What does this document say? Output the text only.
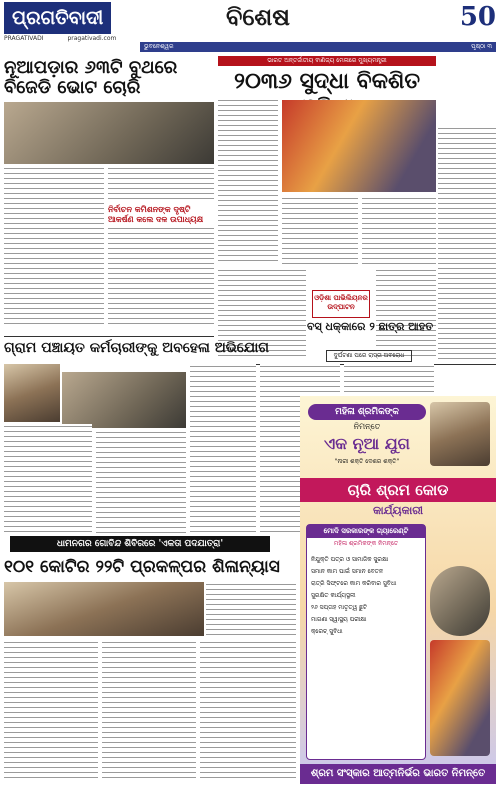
ପ୍ରଗତିବାଦୀ
PRAGATIVADI	pragativadi.com
ବିଶେଷ	50
ଭୁବନେଶ୍ୱର	ପୃଷ୍ଠା ୩
ନୂଆପଡ଼ାର ୬୩ଟି ବୁଥରେ ବିଜେଡି ଭୋଟ ଚୋରି
ନିର୍ବାଚନ କମିଶନଙ୍କ ଦୃଷ୍ଟି ଆକର୍ଷଣ କଲେ ଦଳ ଉପାଧ୍ୟକ୍ଷ
ଭାରତ ଅନ୍ତର୍ଜାତୀୟ ବାଣିଜ୍ୟ ମେଳାରେ ମୁଖ୍ୟମନ୍ତ୍ରୀ
୨୦୩୬ ସୁଦ୍ଧା ବିକଶିତ
ଓଡ଼ିଶା ପାଭିଲିୟନର ଉଦ୍‌ଘାଟନ
ଗ୍ରାମ ପଞ୍ଚାୟତ କର୍ମଚାରୀଙ୍କୁ ଅବହେଳା ଅଭିଯୋଗ
ବସ୍ ଧକ୍କାରେ ୨ ଛାତ୍ର ଆହତ
ଦୁର୍ଘଟଣା ପରେ ରାସ୍ତା ଅବରୋଧ
ଧାମନଗର ଗୋବିନ୍ଦ ଶିବିରରେ 'ଏକତା ପଦଯାତ୍ରା'
୧୦୧ କୋଟିର ୨୨ଟି ପ୍ରକଳ୍ପର ଶିଳାନ୍ୟାସ
ମହିଳା ଶ୍ରମିକଙ୍କ
ନିମନ୍ତେ
ଏକ ନୂଆ ଯୁଗ
"ନାରୀ ଶକ୍ତି ଦେଶର ଶକ୍ତି"
ଚାରି ଶ୍ରମ କୋଡ
କାର୍ଯ୍ୟକାରୀ
ମୋଦି ସରକାରଙ୍କ ଗ୍ୟାରେଣ୍ଟି
ମହିଳା ଶ୍ରମିକଙ୍କ ନିମନ୍ତେ
ନିଯୁକ୍ତି ପତ୍ର ଓ ସାମାଜିକ ସୁରକ୍ଷା
ସମାନ କାମ ପାଇଁ ସମାନ ବେତନ
ରାତ୍ରି ସିଫ୍ଟରେ କାମ କରିବାର ସୁବିଧା
ସୁରକ୍ଷିତ କାର୍ଯ୍ୟସ୍ଥଳୀ
୨୬ ସପ୍ତାହ ମାତୃତ୍ୱ ଛୁଟି
ମାଗଣା ସ୍ୱାସ୍ଥ୍ୟ ପରୀକ୍ଷା
କ୍ରେଚ୍ ସୁବିଧା
ଶ୍ରମ ସଂସ୍କାର ଆତ୍ମନିର୍ଭର ଭାରତ ନିମନ୍ତେ
